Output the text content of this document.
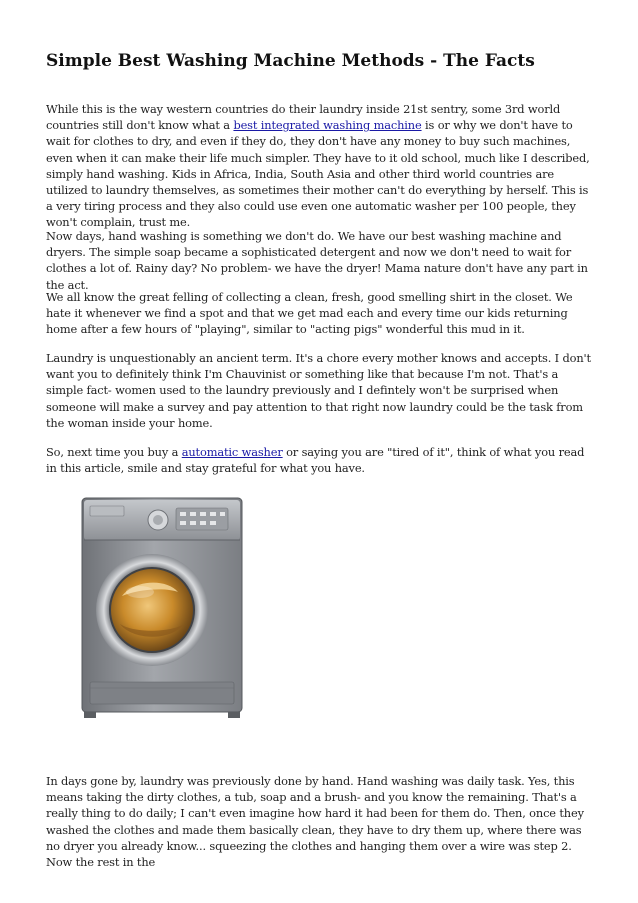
Simple Best Washing Machine Methods - The Facts

While this is the way western countries do their laundry inside 21st sentry, some 3rd world countries still don't know what a best integrated washing machine is or why we don't have to wait for clothes to dry, and even if they do, they don't have any money to buy such machines, even when it can make their life much simpler. They have to it old school, much like I described, simply hand washing. Kids in Africa, India, South Asia and other third world countries are utilized to laundry themselves, as sometimes their mother can't do everything by herself. This is a very tiring process and they also could use even one automatic washer per 100 people, they won't complain, trust me.

Now days, hand washing is something we don't do. We have our best washing machine and dryers. The simple soap became a sophisticated detergent and now we don't need to wait for clothes a lot of. Rainy day? No problem- we have the dryer! Mama nature don't have any part in the act.

We all know the great felling of collecting a clean, fresh, good smelling shirt in the closet. We hate it whenever we find a spot and that we get mad each and every time our kids returning home after a few hours of "playing", similar to "acting pigs" wonderful this mud in it.

Laundry is unquestionably an ancient term. It's a chore every mother knows and accepts. I don't want you to definitely think I'm Chauvinist or something like that because I'm not. That's a simple fact- women used to the laundry previously and I defintely won't be surprised when someone will make a survey and pay attention to that right now laundry could be the task from the woman inside your home.

So, next time you buy a automatic washer or saying you are "tired of it", think of what you read in this article, smile and stay grateful for what you have.

In days gone by, laundry was previously done by hand. Hand washing was daily task. Yes, this means taking the dirty clothes, a tub, soap and a brush- and you know the remaining. That's a really thing to do daily; I can't even imagine how hard it had been for them do. Then, once they washed the clothes and made them basically clean, they have to dry them up, where there was no dryer you already know... squeezing the clothes and hanging them over a wire was step 2. Now the rest in the
